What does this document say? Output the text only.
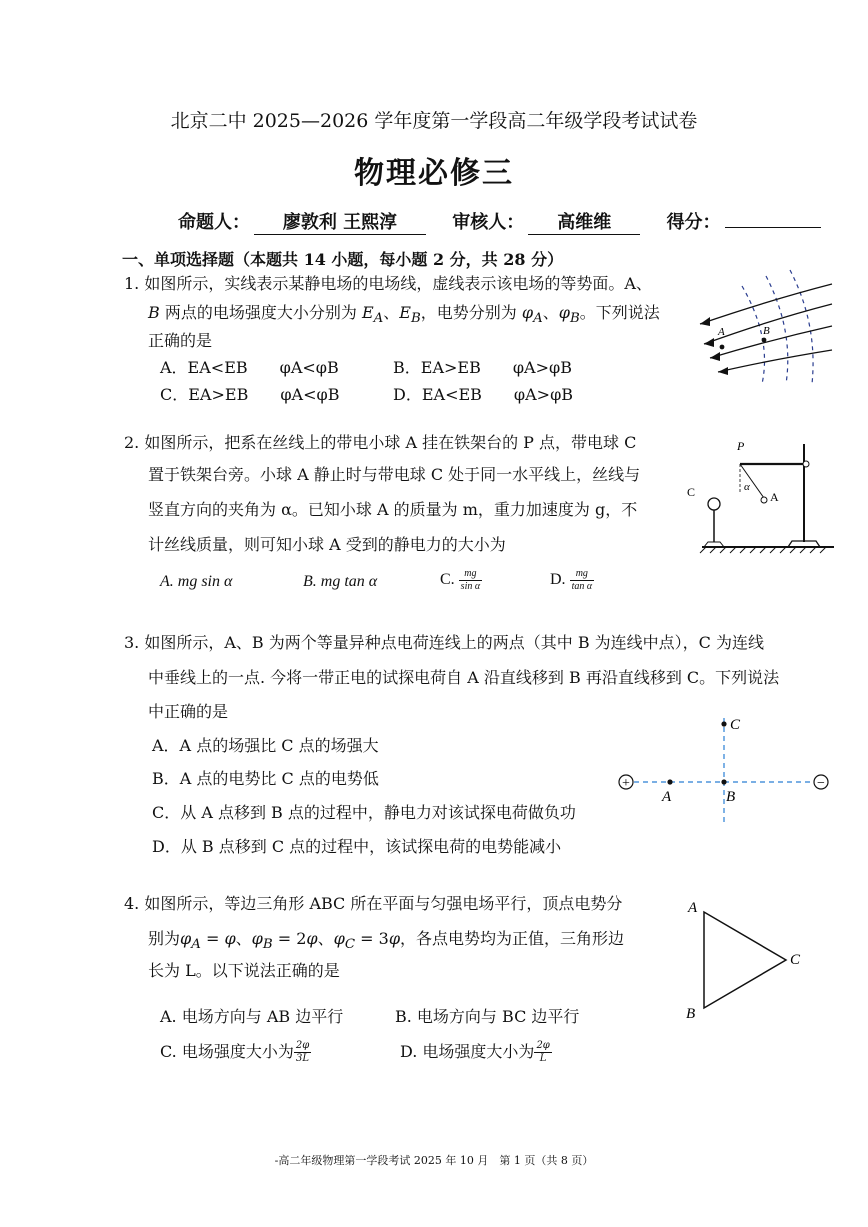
北京二中 2025—2026 学年度第一学段高二年级学段考试试卷
物理必修三
命题人： 廖敦利 王熙淳	审核人： 高维维	得分：
一、单项选择题（本题共 14 小题，每小题 2 分，共 28 分）
1. 如图所示，实线表示某静电场的电场线，虚线表示该电场的等势面。A、
B 两点的电场强度大小分别为 $E_A$、$E_B$，电势分别为 $\varphi_A$、$\varphi_B$。下列说法
正确的是
A．EA<EB　　φA<φB	B．EA>EB　　φA>φB
C．EA>EB　　φA<φB	D．EA<EB　　φA>φB
A	B
2. 如图所示，把系在丝线上的带电小球 A 挂在铁架台的 P 点，带电球 C
置于铁架台旁。小球 A 静止时与带电球 C 处于同一水平线上，丝线与
竖直方向的夹角为 α。已知小球 A 的质量为 m，重力加速度为 g，不
计丝线质量，则可知小球 A 受到的静电力的大小为
A. mg sin α	B. mg tan α	C. $\frac{mg}{\text{sin α}}$	D. $\frac{mg}{\text{tan α}}$
P
C	α
A
3. 如图所示，A、B 为两个等量异种点电荷连线上的两点（其中 B 为连线中点），C 为连线
中垂线上的一点. 今将一带正电的试探电荷自 A 沿直线移到 B 再沿直线移到 C。下列说法
中正确的是
A．A 点的场强比 C 点的场强大
B．A 点的电势比 C 点的电势低
C．从 A 点移到 B 点的过程中，静电力对该试探电荷做负功
D．从 B 点移到 C 点的过程中，该试探电荷的电势能减小
+	−
A	B
C
4. 如图所示，等边三角形 ABC 所在平面与匀强电场平行，顶点电势分
别为$\varphi_A = \varphi$、$\varphi_B = 2\varphi$、$\varphi_C = 3\varphi$，各点电势均为正值，三角形边
长为 L。以下说法正确的是
A. 电场方向与 AB 边平行	B. 电场方向与 BC 边平行
C. 电场强度大小为 $\frac{2\varphi}{3L}$	D. 电场强度大小为 $\frac{2\varphi}{L}$
A
B
C
-高二年级物理第一学段考试 2025 年 10 月　第 1 页（共 8 页）
